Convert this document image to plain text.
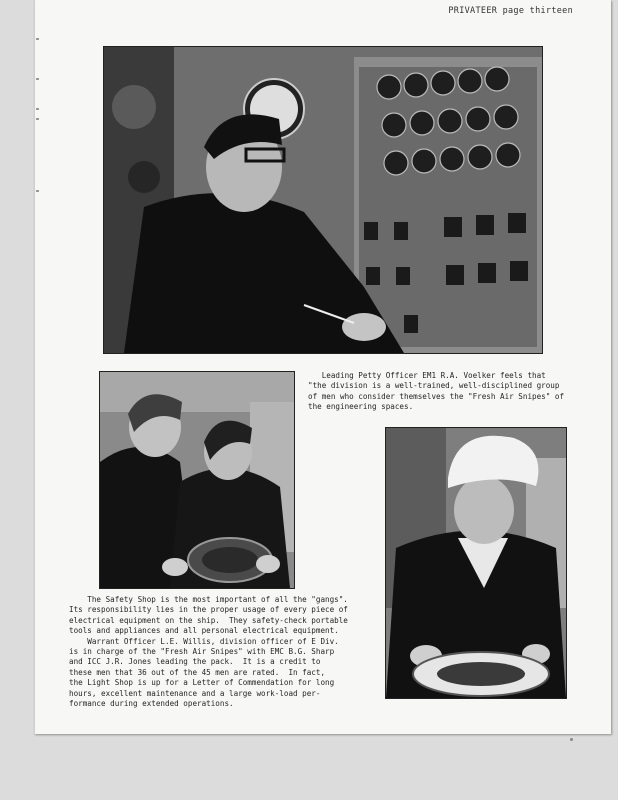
PRIVATEER page thirteen
Leading Petty Officer EM1 R.A. Voelker feels that
"the division is a well-trained, well-disciplined group
of men who consider themselves the "Fresh Air Snipes" of
the engineering spaces.
The Safety Shop is the most important of all the "gangs".
Its responsibility lies in the proper usage of every piece of
electrical equipment on the ship.  They safety-check portable
tools and appliances and all personal electrical equipment.
Warrant Officer L.E. Willis, division officer of E Div.
is in charge of the "Fresh Air Snipes" with EMC B.G. Sharp
and ICC J.R. Jones leading the pack.  It is a credit to
these men that 36 out of the 45 men are rated.  In fact,
the Light Shop is up for a Letter of Commendation for long
hours, excellent maintenance and a large work-load per-
formance during extended operations.
